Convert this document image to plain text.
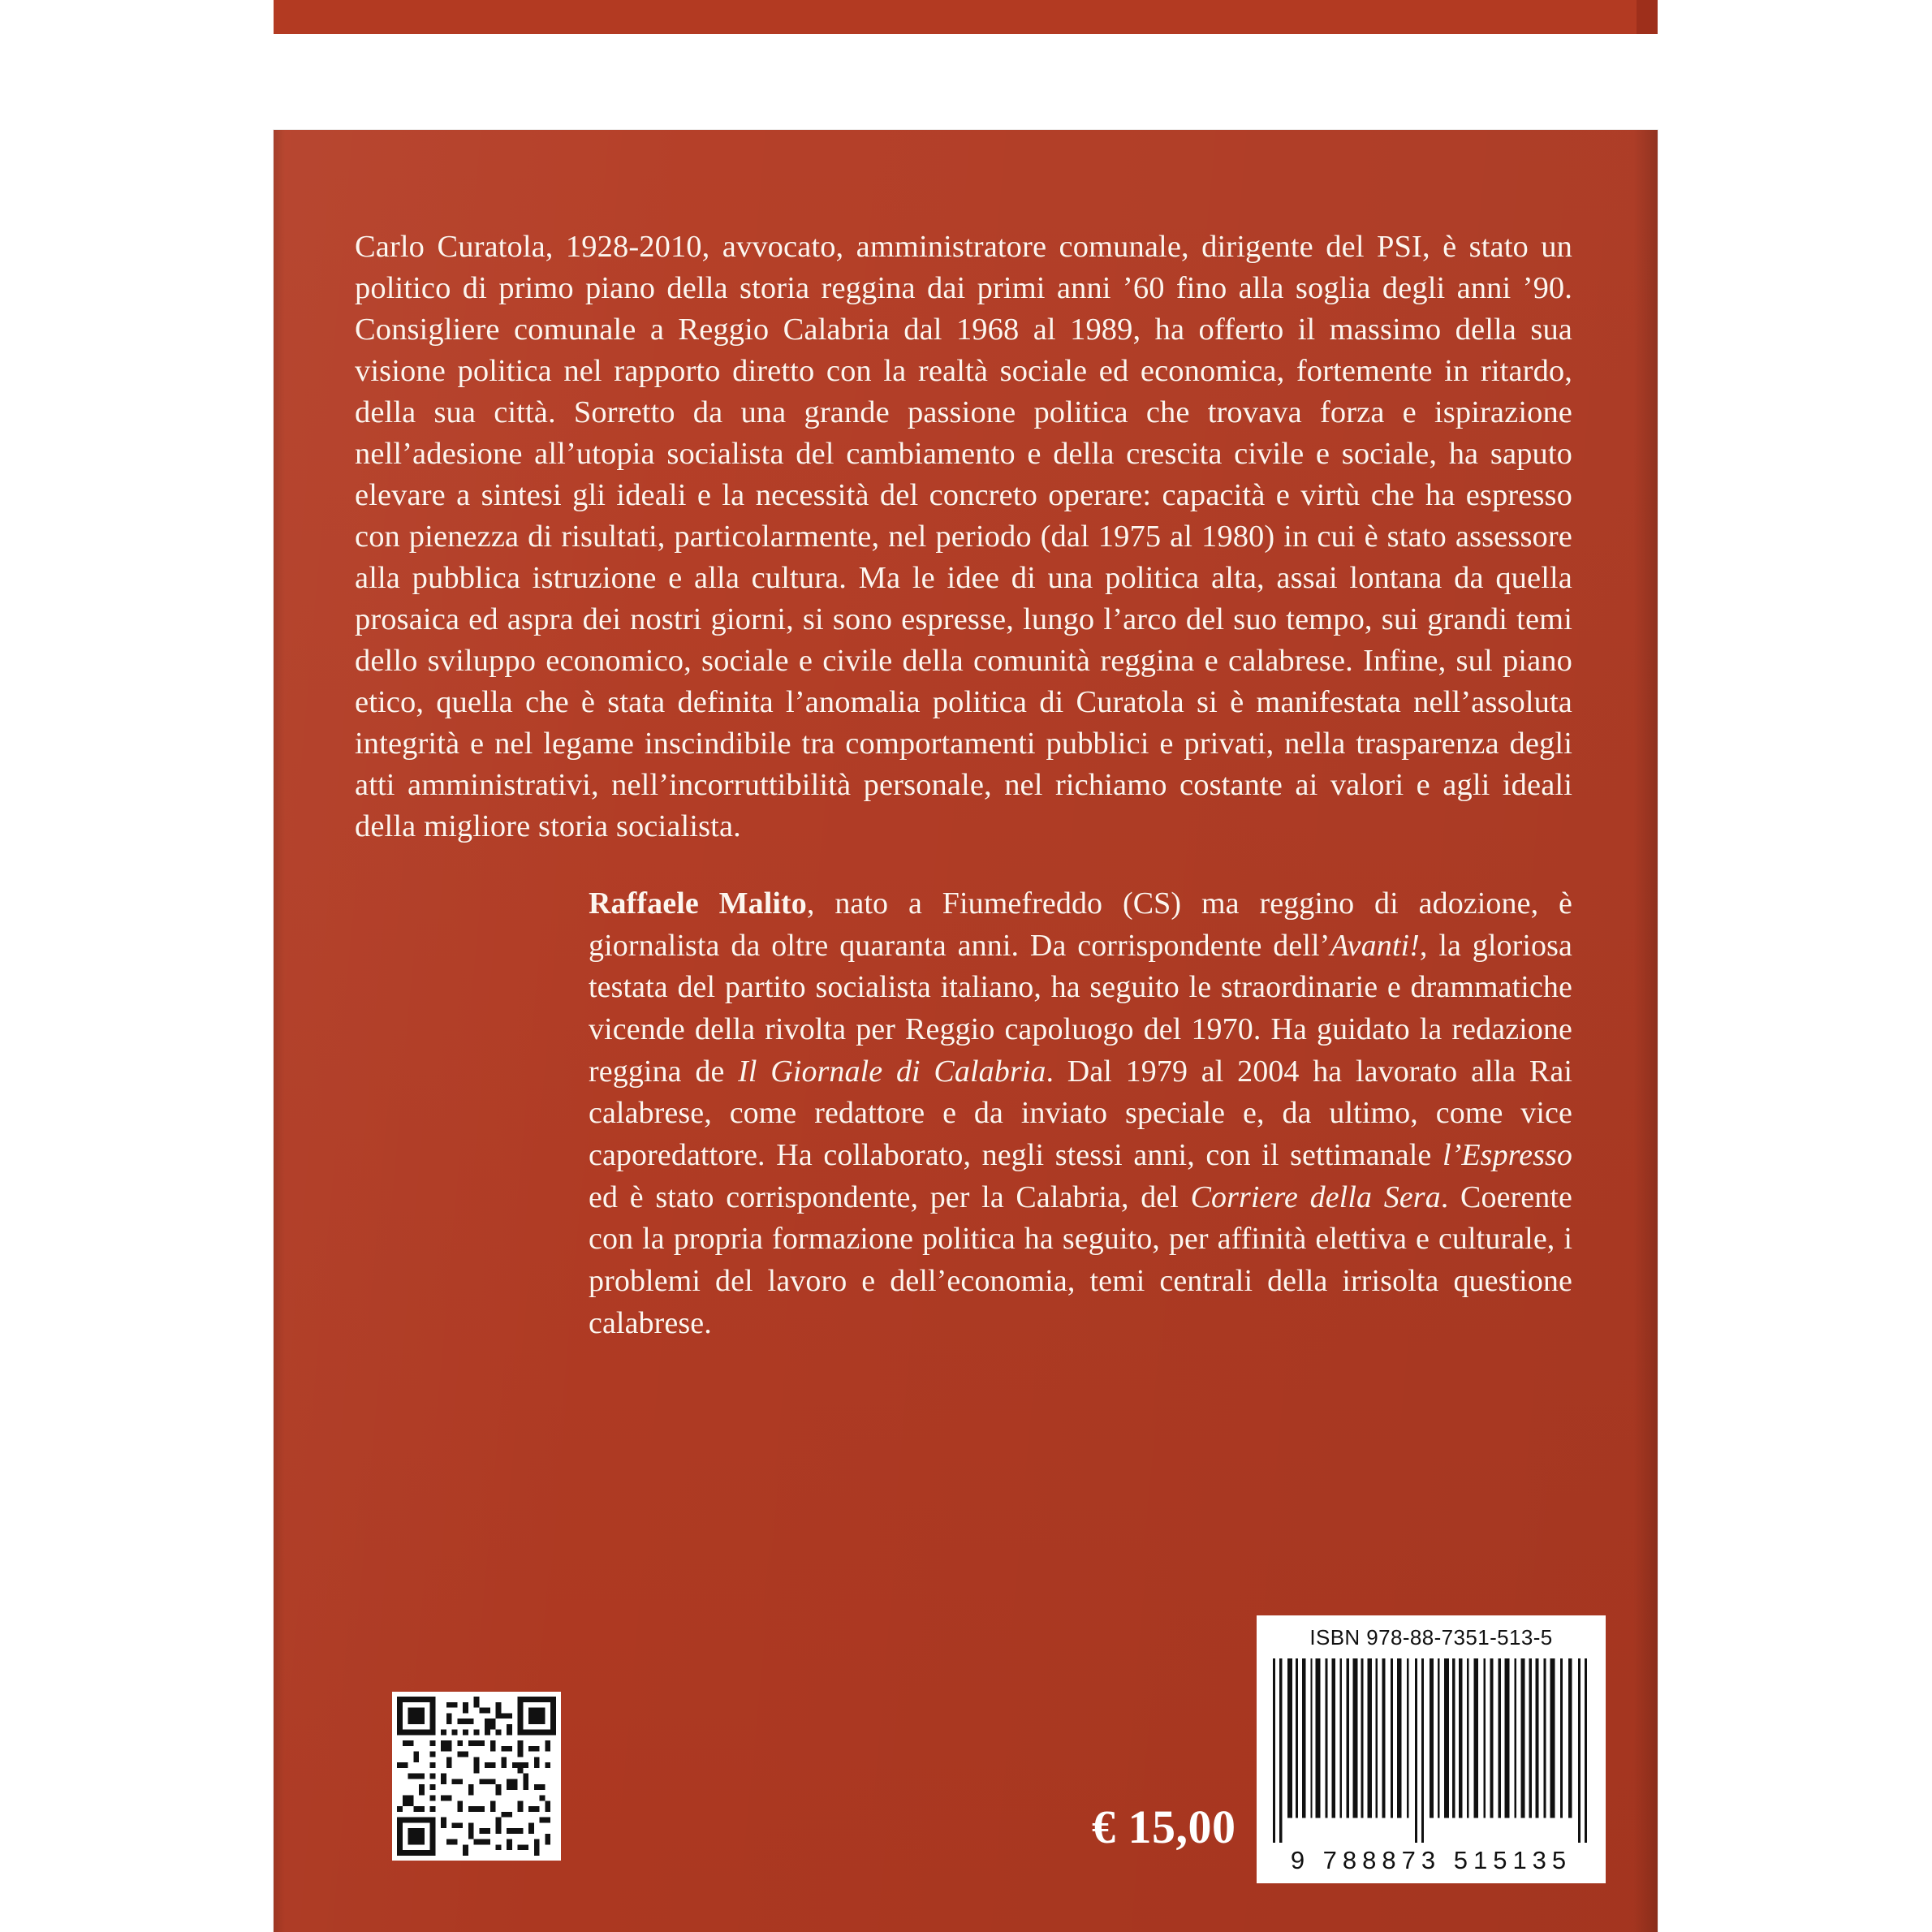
Carlo Curatola, 1928-2010, avvocato, amministratore comunale, dirigente del PSI, è stato un politico di primo piano della storia reggina dai primi anni ’60 fino alla soglia degli anni ’90. Consigliere comunale a Reggio Calabria dal 1968 al 1989, ha offerto il massimo della sua visione politica nel rapporto diretto con la realtà sociale ed economica, fortemente in ritardo, della sua città. Sorretto da una grande passione politica che trovava forza e ispirazione nell’adesione all’utopia socialista del cambiamento e della crescita civile e sociale, ha saputo elevare a sintesi gli ideali e la necessità del concreto operare: capacità e virtù che ha espresso con pienezza di risultati, particolarmente, nel periodo (dal 1975 al 1980) in cui è stato assessore alla pubblica istruzione e alla cultura. Ma le idee di una politica alta, assai lontana da quella prosaica ed aspra dei nostri giorni, si sono espresse, lungo l’arco del suo tempo, sui grandi temi dello sviluppo economico, sociale e civile della comunità reggina e calabrese. Infine, sul piano etico, quella che è stata definita l’anomalia politica di Curatola si è manifestata nell’assoluta integrità e nel legame inscindibile tra comportamenti pubblici e privati, nella trasparenza degli atti amministrativi, nell’incorruttibilità personale, nel richiamo costante ai valori e agli ideali della migliore storia socialista.

Raffaele Malito, nato a Fiumefreddo (CS) ma reggino di adozione, è giornalista da oltre quaranta anni. Da corrispondente dell’Avanti!, la gloriosa testata del partito socialista italiano, ha seguito le straordinarie e drammatiche vicende della rivolta per Reggio capoluogo del 1970. Ha guidato la redazione reggina de Il Giornale di Calabria. Dal 1979 al 2004 ha lavorato alla Rai calabrese, come redattore e da inviato speciale e, da ultimo, come vice caporedattore. Ha collaborato, negli stessi anni, con il settimanale l’Espresso ed è stato corrispondente, per la Calabria, del Corriere della Sera. Coerente con la propria formazione politica ha seguito, per affinità elettiva e culturale, i problemi del lavoro e dell’economia, temi centrali della irrisolta questione calabrese.

€ 15,00
ISBN 978-88-7351-513-5
9 788873 515135
